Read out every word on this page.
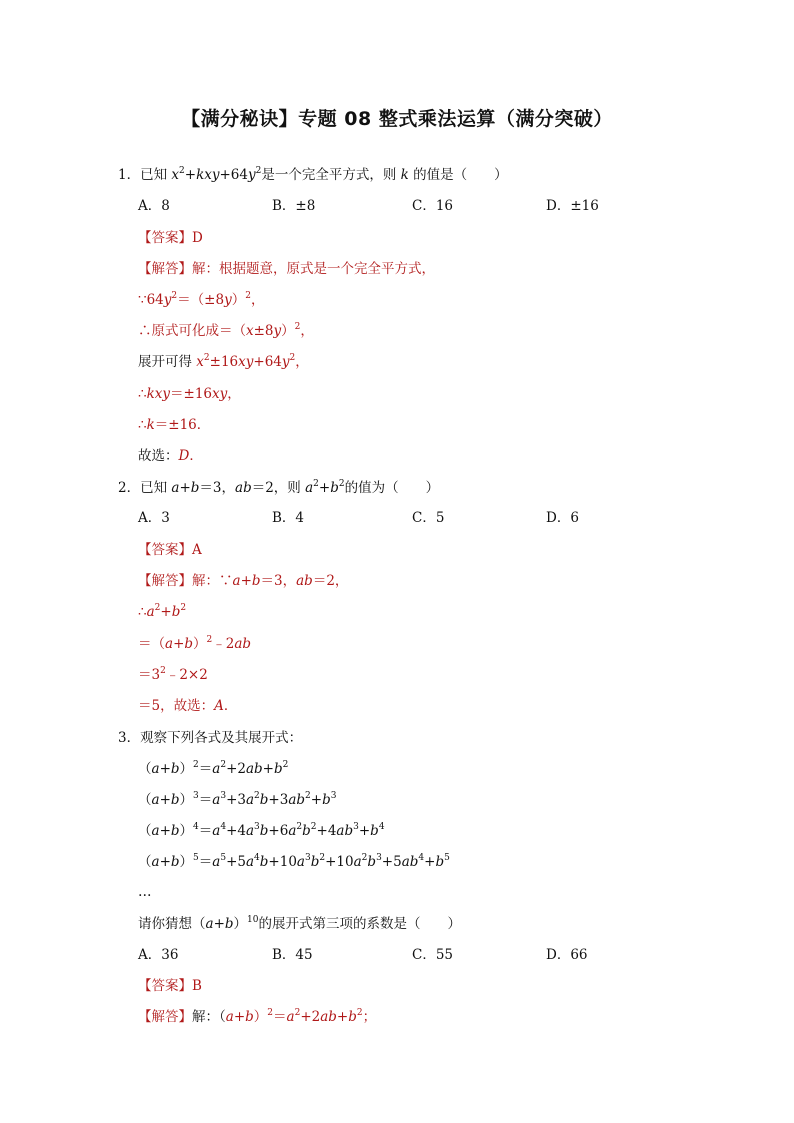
【满分秘诀】专题 08 整式乘法运算（满分突破）
1．已知 $x^2+kxy+64y^2$是一个完全平方式，则 k 的值是（　　）
A．8	B．±8	C．16	D．±16
【答案】D
【解答】解：根据题意，原式是一个完全平方式，
$\because 64y^2=(\pm 8y)^2$，
∴原式可化成$=(x\pm 8y)^2$，
展开可得 $x^2\pm 16xy+64y^2$，
∴kxy＝±16xy，
∴k＝±16．
故选：D．
2．已知 a+b＝3，ab＝2，则 $a^2+b^2$的值为（　　）
A．3	B．4	C．5	D．6
【答案】A
【解答】解：∵a+b＝3，ab＝2，
$\therefore a^2+b^2$
$=(a+b)^2﹣2ab$
$=3^2﹣2\times 2$
＝5，故选：A．
3．观察下列各式及其展开式：
$(a+b)^2=a^2+2ab+b^2$
$(a+b)^3=a^3+3a^2b+3ab^2+b^3$
$(a+b)^4=a^4+4a^3b+6a^2b^2+4ab^3+b^4$
$(a+b)^5=a^5+5a^4b+10a^3b^2+10a^2b^3+5ab^4+b^5$
…
请你猜想$(a+b)^{10}$的展开式第三项的系数是（　　）
A．36	B．45	C．55	D．66
【答案】B
【解答】解：$(a+b)^2=a^2+2ab+b^2$；
